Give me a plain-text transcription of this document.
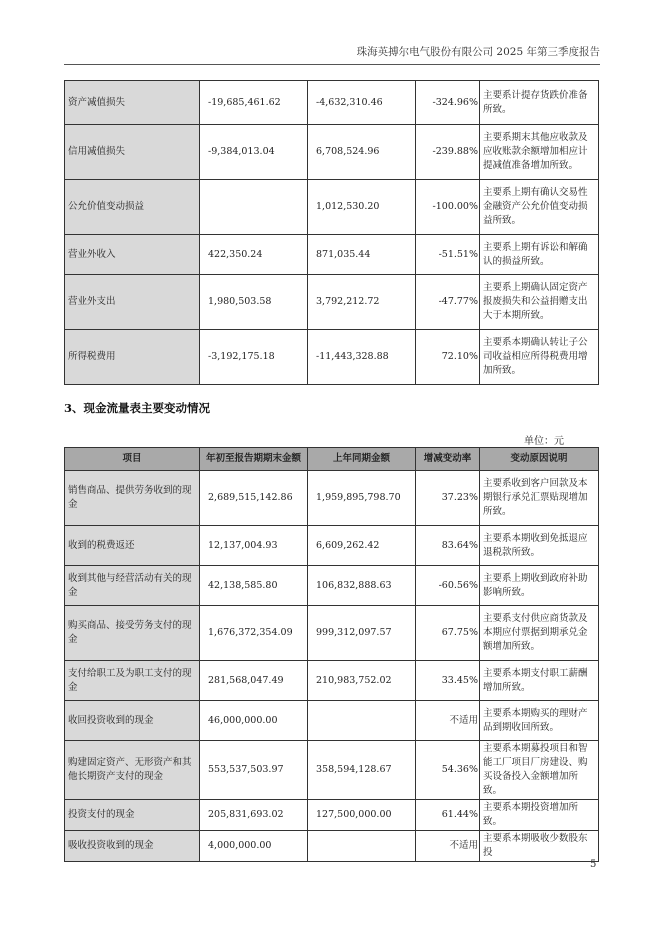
珠海英搏尔电气股份有限公司 2025 年第三季度报告
资产减值损失	-19,685,461.62	-4,632,310.46	-324.96%	主要系计提存货跌价准备所致。
信用减值损失	-9,384,013.04	6,708,524.96	-239.88%	主要系期末其他应收款及应收账款余额增加相应计提减值准备增加所致。
公允价值变动损益		1,012,530.20	-100.00%	主要系上期有确认交易性金融资产公允价值变动损益所致。
营业外收入	422,350.24	871,035.44	-51.51%	主要系上期有诉讼和解确认的损益所致。
营业外支出	1,980,503.58	3,792,212.72	-47.77%	主要系上期确认固定资产报废损失和公益捐赠支出大于本期所致。
所得税费用	-3,192,175.18	-11,443,328.88	72.10%	主要系本期确认转让子公司收益相应所得税费用增加所致。
3、现金流量表主要变动情况
单位：元
项目	年初至报告期期末金额	上年同期金额	增减变动率	变动原因说明
销售商品、提供劳务收到的现金	2,689,515,142.86	1,959,895,798.70	37.23%	主要系收到客户回款及本期银行承兑汇票贴现增加所致。
收到的税费返还	12,137,004.93	6,609,262.42	83.64%	主要系本期收到免抵退应退税款所致。
收到其他与经营活动有关的现金	42,138,585.80	106,832,888.63	-60.56%	主要系上期收到政府补助影响所致。
购买商品、接受劳务支付的现金	1,676,372,354.09	999,312,097.57	67.75%	主要系支付供应商货款及本期应付票据到期承兑金额增加所致。
支付给职工及为职工支付的现金	281,568,047.49	210,983,752.02	33.45%	主要系本期支付职工薪酬增加所致。
收回投资收到的现金	46,000,000.00		不适用	主要系本期购买的理财产品到期收回所致。
购建固定资产、无形资产和其他长期资产支付的现金	553,537,503.97	358,594,128.67	54.36%	主要系本期募投项目和智能工厂项目厂房建设、购买设备投入金额增加所致。
投资支付的现金	205,831,693.02	127,500,000.00	61.44%	主要系本期投资增加所致。
吸收投资收到的现金	4,000,000.00		不适用	主要系本期吸收少数股东投
5
